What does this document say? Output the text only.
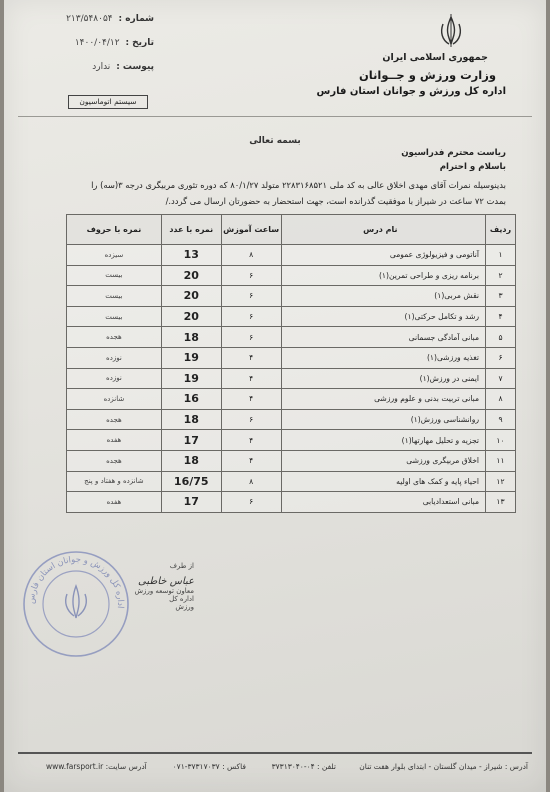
جمهوری اسلامی ایران
وزارت ورزش و جــوانان
اداره کل ورزش و جوانان استان فارس
شماره : ۲۱۳/۵۴۸۰۵۴
تاریخ : ۱۴۰۰/۰۴/۱۲
پیوست : ندارد
سیستم اتوماسیون
بسمه تعالی
ریاست محترم فدراسیون
باسلام و احترام
بدینوسیله نمرات آقای مهدی اخلاق عالی به کد ملی ۲۲۸۳۱۶۸۵۲۱ متولد ۸۰/۱/۲۷ که دوره تئوری مربیگری درجه ۳(سه) را
بمدت ۷۲ ساعت در شیراز با موفقیت گذرانده است، جهت استحضار به حضورتان ارسال می گردد./
ردیف	نام درس	ساعت آموزش	نمره با عدد	نمره با حروف
۱	آناتومی و فیزیولوژی عمومی	۸	13	سیزده
۲	برنامه ریزی و طراحی تمرین(۱)	۶	20	بیست
۳	نقش مربی(۱)	۶	20	بیست
۴	رشد و تکامل حرکتی(۱)	۶	20	بیست
۵	مبانی آمادگی جسمانی	۶	18	هجده
۶	تغذیه ورزشی(۱)	۴	19	نوزده
۷	ایمنی در ورزش(۱)	۴	19	نوزده
۸	مبانی تربیت بدنی و علوم ورزشی	۴	16	شانزده
۹	روانشناسی ورزش(۱)	۶	18	هجده
۱۰	تجزیه و تحلیل مهارتها(۱)	۴	17	هفده
۱۱	اخلاق مربیگری ورزشی	۴	18	هجده
۱۲	احیاء پایه و کمک های اولیه	۸	16/75	شانزده و هفتاد و پنج
۱۳	مبانی استعدادیابی	۶	17	هفده
اداره کل ورزش و جوانان استان فارس
از طرف
عباس خاطبی
معاون توسعه ورزش
اداره کل
ورزش
آدرس : شیراز - میدان گلستان - ابتدای بلوار هفت تنان
تلفن : ۰۴-۳۷۳۱۳۰۴۰
فاکس : ۳۷۳۱۷۰۳۷-۰۷۱
آدرس سایت: www.farsport.ir
